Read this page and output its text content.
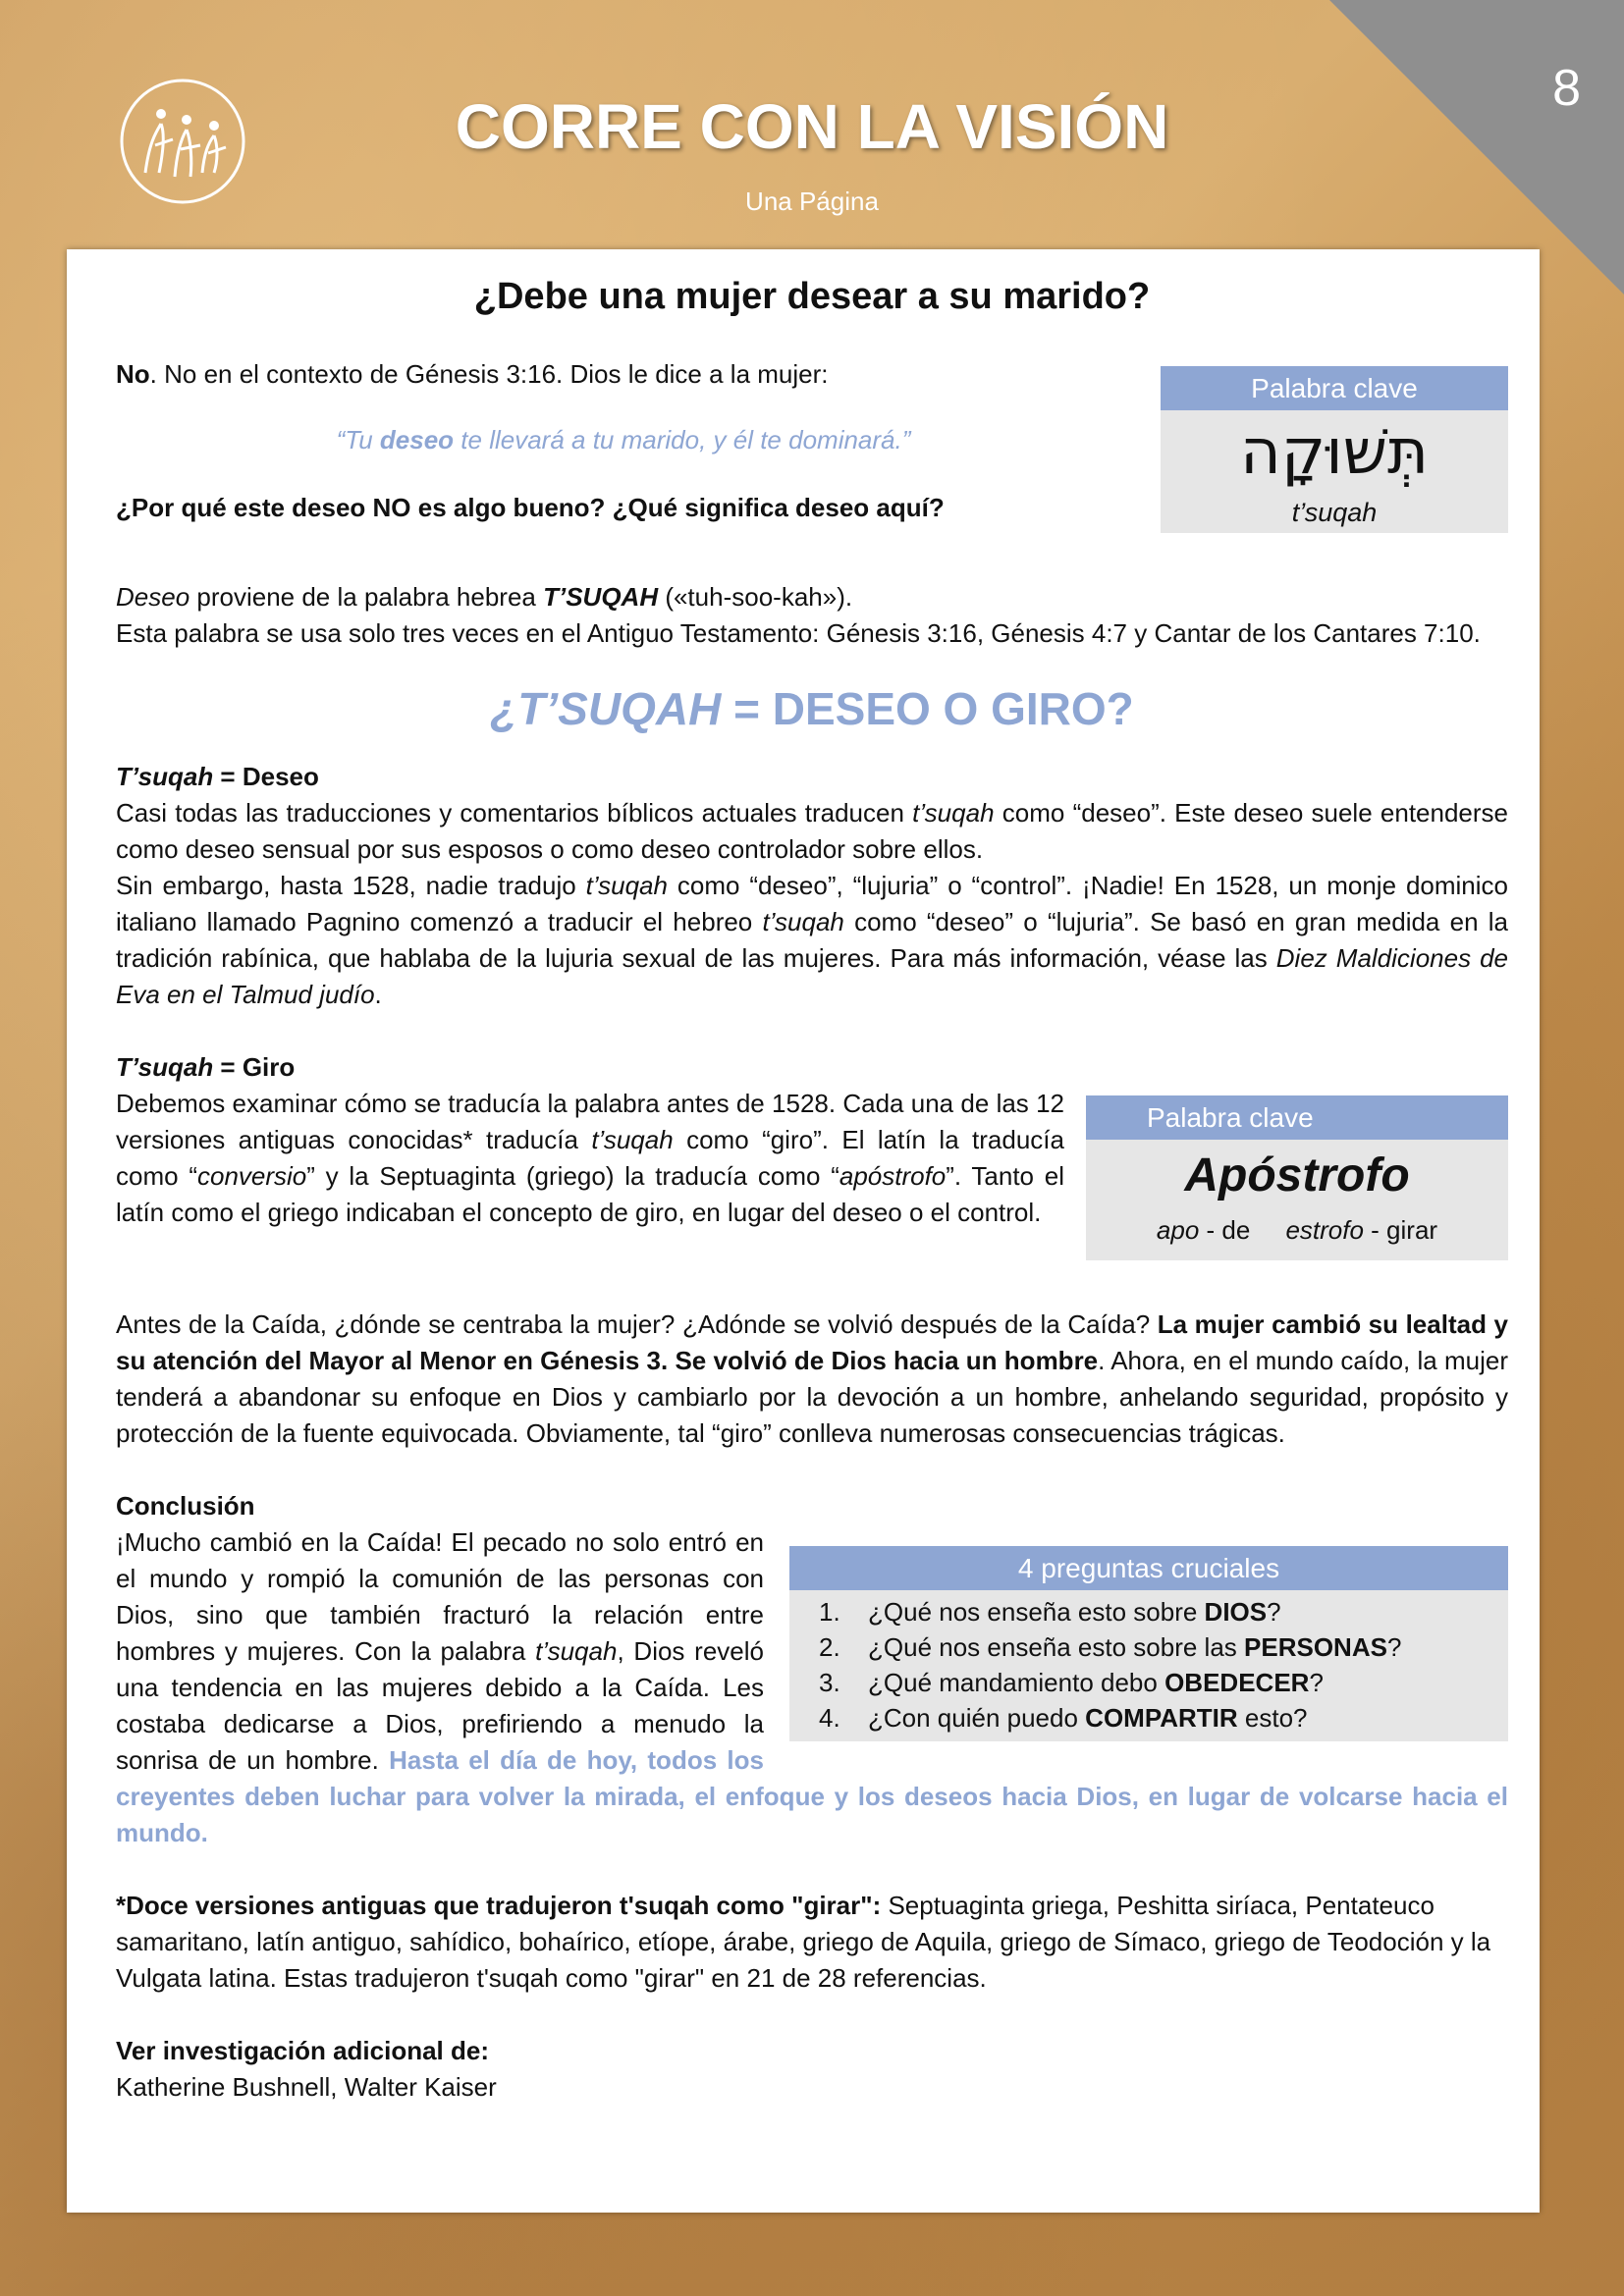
8
CORRE CON LA VISIÓN
Una Página

¿Debe una mujer desear a su marido?

Palabra clave
תְּשׁוּקָה
t’suqah

No. No en el contexto de Génesis 3:16. Dios le dice a la mujer:

“Tu deseo te llevará a tu marido, y él te dominará.”

¿Por qué este deseo NO es algo bueno? ¿Qué significa deseo aquí?

Deseo proviene de la palabra hebrea T’SUQAH («tuh-soo-kah»).

Esta palabra se usa solo tres veces en el Antiguo Testamento: Génesis 3:16, Génesis 4:7 y Cantar de los Cantares 7:10.

¿T’SUQAH = DESEO O GIRO?

T’suqah = Deseo

Casi todas las traducciones y comentarios bíblicos actuales traducen t’suqah como “deseo”. Este deseo suele entenderse como deseo sensual por sus esposos o como deseo controlador sobre ellos.

Sin embargo, hasta 1528, nadie tradujo t’suqah como “deseo”, “lujuria” o “control”. ¡Nadie! En 1528, un monje dominico italiano llamado Pagnino comenzó a traducir el hebreo t’suqah como “deseo” o “lujuria”. Se basó en gran medida en la tradición rabínica, que hablaba de la lujuria sexual de las mujeres. Para más información, véase las Diez Maldiciones de Eva en el Talmud judío.

T’suqah = Giro

Palabra clave
Apóstrofo
apo - de estrofo - girar

Debemos examinar cómo se traducía la palabra antes de 1528. Cada una de las 12 versiones antiguas conocidas* traducía t’suqah como “giro”. El latín la traducía como “conversio” y la Septuaginta (griego) la traducía como “apóstrofo”. Tanto el latín como el griego indicaban el concepto de giro, en lugar del deseo o el control.

Antes de la Caída, ¿dónde se centraba la mujer? ¿Adónde se volvió después de la Caída? La mujer cambió su lealtad y su atención del Mayor al Menor en Génesis 3. Se volvió de Dios hacia un hombre. Ahora, en el mundo caído, la mujer tenderá a abandonar su enfoque en Dios y cambiarlo por la devoción a un hombre, anhelando seguridad, propósito y protección de la fuente equivocada. Obviamente, tal “giro” conlleva numerosas consecuencias trágicas.

Conclusión

4 preguntas cruciales
1. ¿Qué nos enseña esto sobre DIOS?
2. ¿Qué nos enseña esto sobre las PERSONAS?
3. ¿Qué mandamiento debo OBEDECER?
4. ¿Con quién puedo COMPARTIR esto?

¡Mucho cambió en la Caída! El pecado no solo entró en el mundo y rompió la comunión de las personas con Dios, sino que también fracturó la relación entre hombres y mujeres. Con la palabra t’suqah, Dios reveló una tendencia en las mujeres debido a la Caída. Les costaba dedicarse a Dios, prefiriendo a menudo la sonrisa de un hombre. Hasta el día de hoy, todos los creyentes deben luchar para volver la mirada, el enfoque y los deseos hacia Dios, en lugar de volcarse hacia el mundo.

*Doce versiones antiguas que tradujeron t'suqah como "girar": Septuaginta griega, Peshitta siríaca, Pentateuco samaritano, latín antiguo, sahídico, bohaírico, etíope, árabe, griego de Aquila, griego de Símaco, griego de Teodoción y la Vulgata latina. Estas tradujeron t'suqah como "girar" en 21 de 28 referencias.

Ver investigación adicional de:

Katherine Bushnell, Walter Kaiser
